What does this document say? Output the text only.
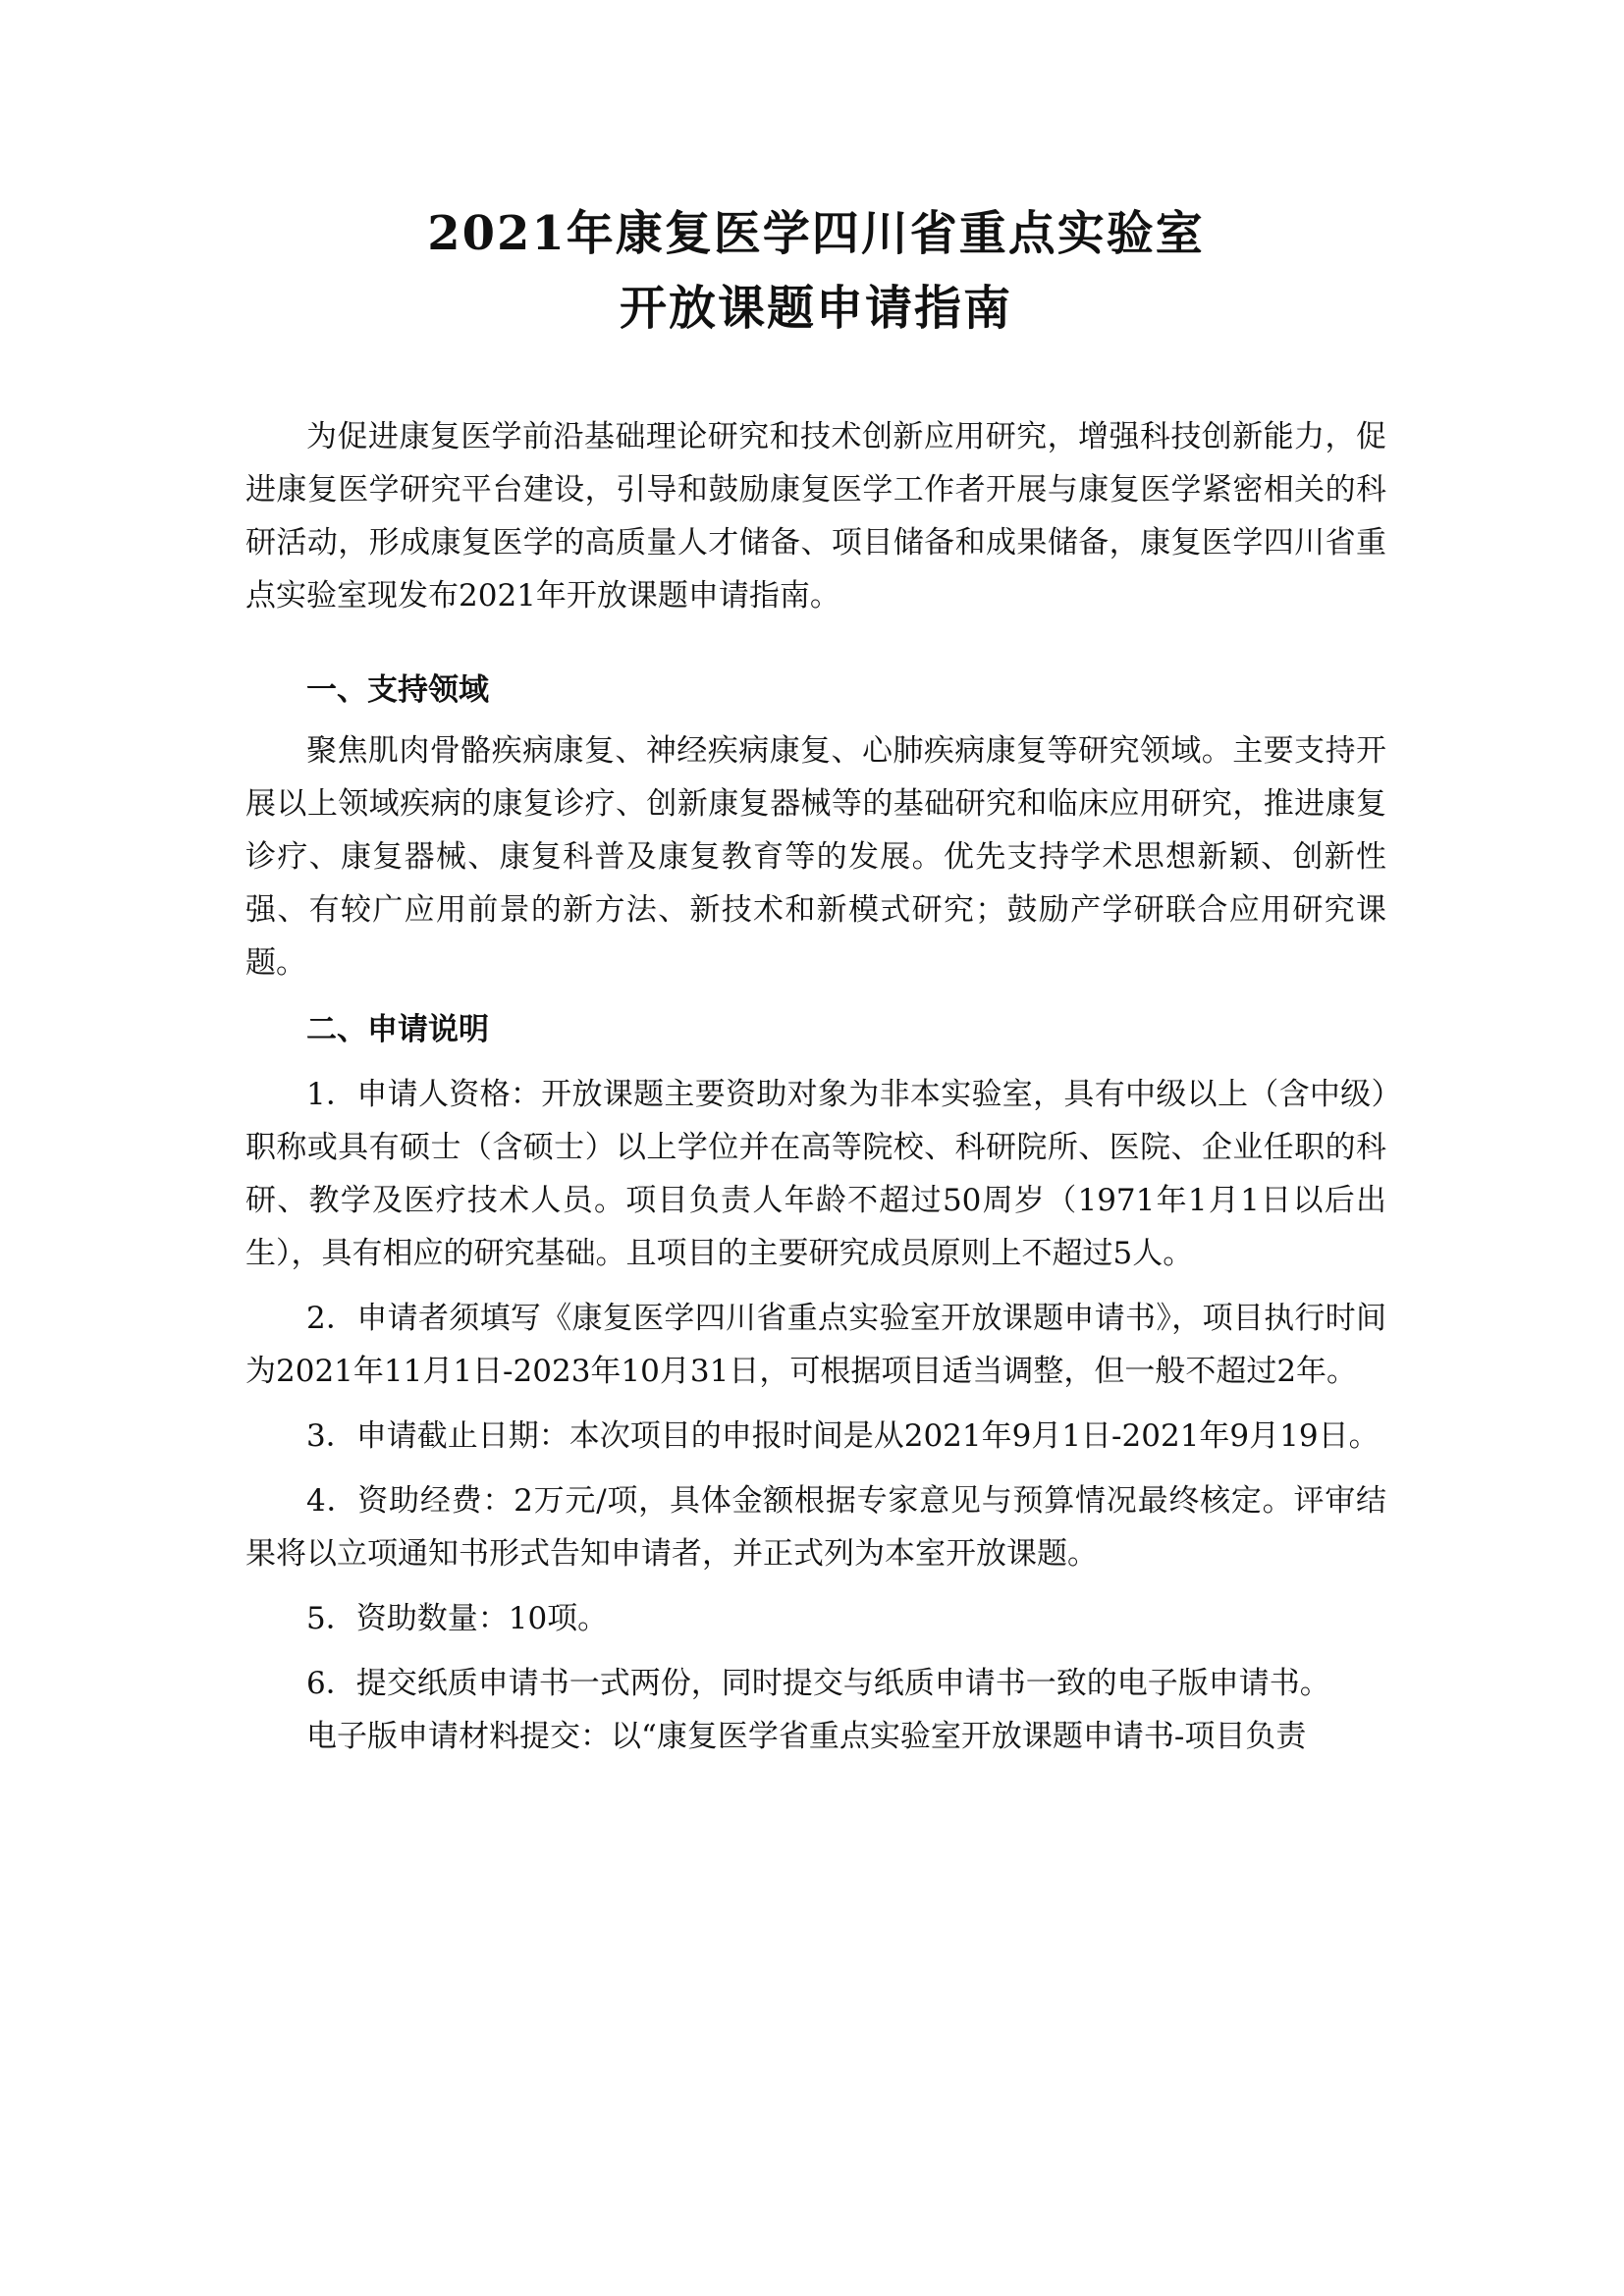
2021年康复医学四川省重点实验室
开放课题申请指南

为促进康复医学前沿基础理论研究和技术创新应用研究，增强科技创新能力，促进康复医学研究平台建设，引导和鼓励康复医学工作者开展与康复医学紧密相关的科研活动，形成康复医学的高质量人才储备、项目储备和成果储备，康复医学四川省重点实验室现发布2021年开放课题申请指南。

一、支持领域

聚焦肌肉骨骼疾病康复、神经疾病康复、心肺疾病康复等研究领域。主要支持开展以上领域疾病的康复诊疗、创新康复器械等的基础研究和临床应用研究，推进康复诊疗、康复器械、康复科普及康复教育等的发展。优先支持学术思想新颖、创新性强、有较广应用前景的新方法、新技术和新模式研究；鼓励产学研联合应用研究课题。

二、申请说明

1．申请人资格：开放课题主要资助对象为非本实验室，具有中级以上（含中级）职称或具有硕士（含硕士）以上学位并在高等院校、科研院所、医院、企业任职的科研、教学及医疗技术人员。项目负责人年龄不超过50周岁（1971年1月1日以后出生），具有相应的研究基础。且项目的主要研究成员原则上不超过5人。

2．申请者须填写《康复医学四川省重点实验室开放课题申请书》，项目执行时间为2021年11月1日-2023年10月31日，可根据项目适当调整，但一般不超过2年。

3．申请截止日期：本次项目的申报时间是从2021年9月1日-2021年9月19日。

4．资助经费：2万元/项，具体金额根据专家意见与预算情况最终核定。评审结果将以立项通知书形式告知申请者，并正式列为本室开放课题。

5．资助数量：10项。

6．提交纸质申请书一式两份，同时提交与纸质申请书一致的电子版申请书。

电子版申请材料提交：以“康复医学省重点实验室开放课题申请书-项目负责
